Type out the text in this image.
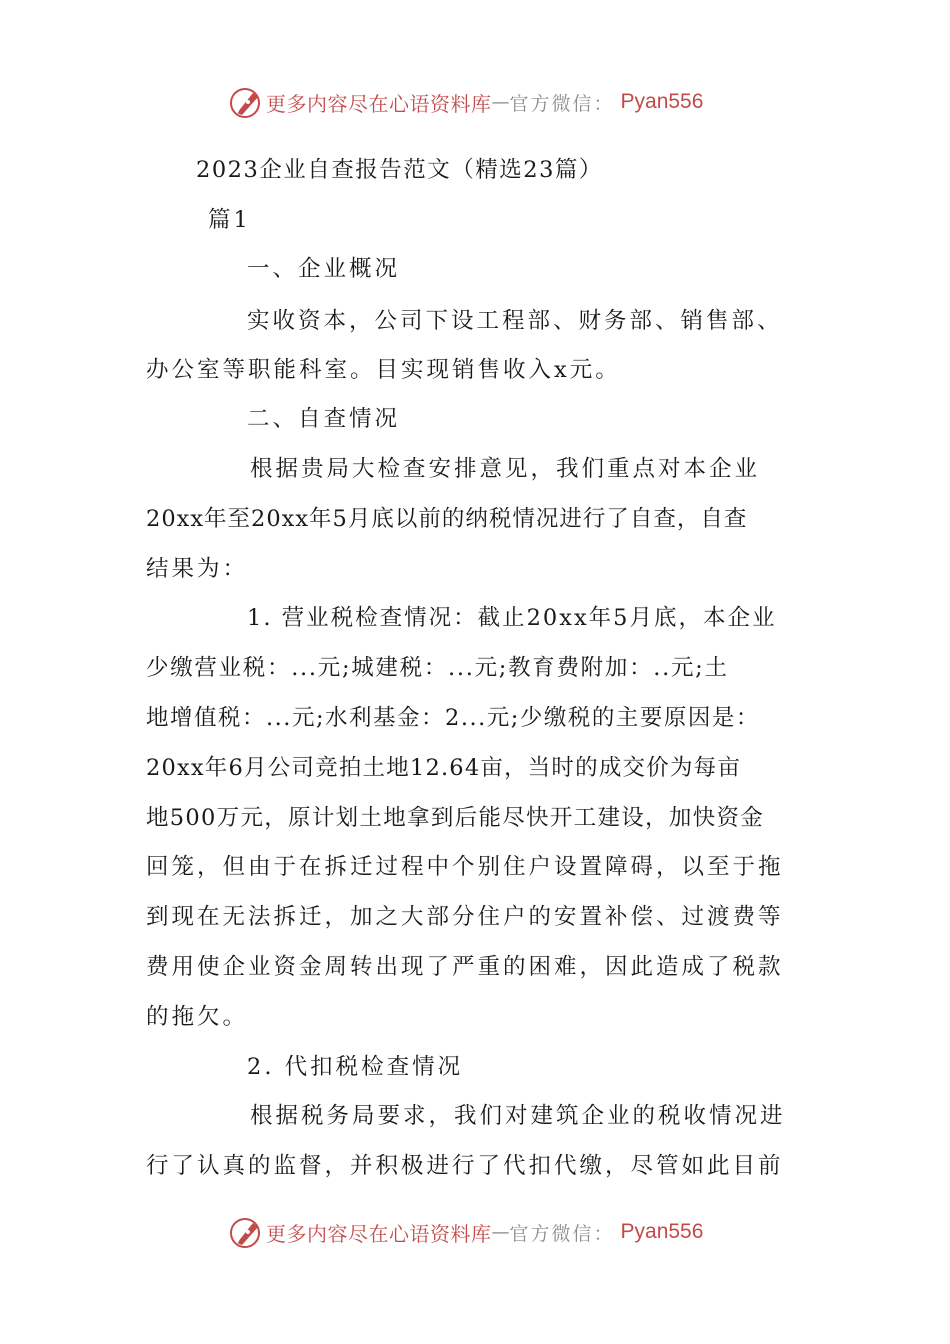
更多内容尽在心语资料库 — 官方微信： Pyan556
2023企业自查报告范文（精选23篇）
篇1
一、企业概况
实收资本，公司下设工程部、财务部、销售部、
办公室等职能科室。目实现销售收入x元。
二、自查情况
根据贵局大检查安排意见，我们重点对本企业
20xx年至20xx年5月底以前的纳税情况进行了自查，自查
结果为：
1. 营业税检查情况：截止20xx年5月底，本企业
少缴营业税：...元;城建税：...元;教育费附加：..元;土
地增值税：...元;水利基金：2...元;少缴税的主要原因是：
20xx年6月公司竞拍土地12.64亩，当时的成交价为每亩
地500万元，原计划土地拿到后能尽快开工建设，加快资金
回笼，但由于在拆迁过程中个别住户设置障碍，以至于拖
到现在无法拆迁，加之大部分住户的安置补偿、过渡费等
费用使企业资金周转出现了严重的困难，因此造成了税款
的拖欠。
2. 代扣税检查情况
根据税务局要求，我们对建筑企业的税收情况进
行了认真的监督，并积极进行了代扣代缴，尽管如此目前
更多内容尽在心语资料库 — 官方微信： Pyan556
